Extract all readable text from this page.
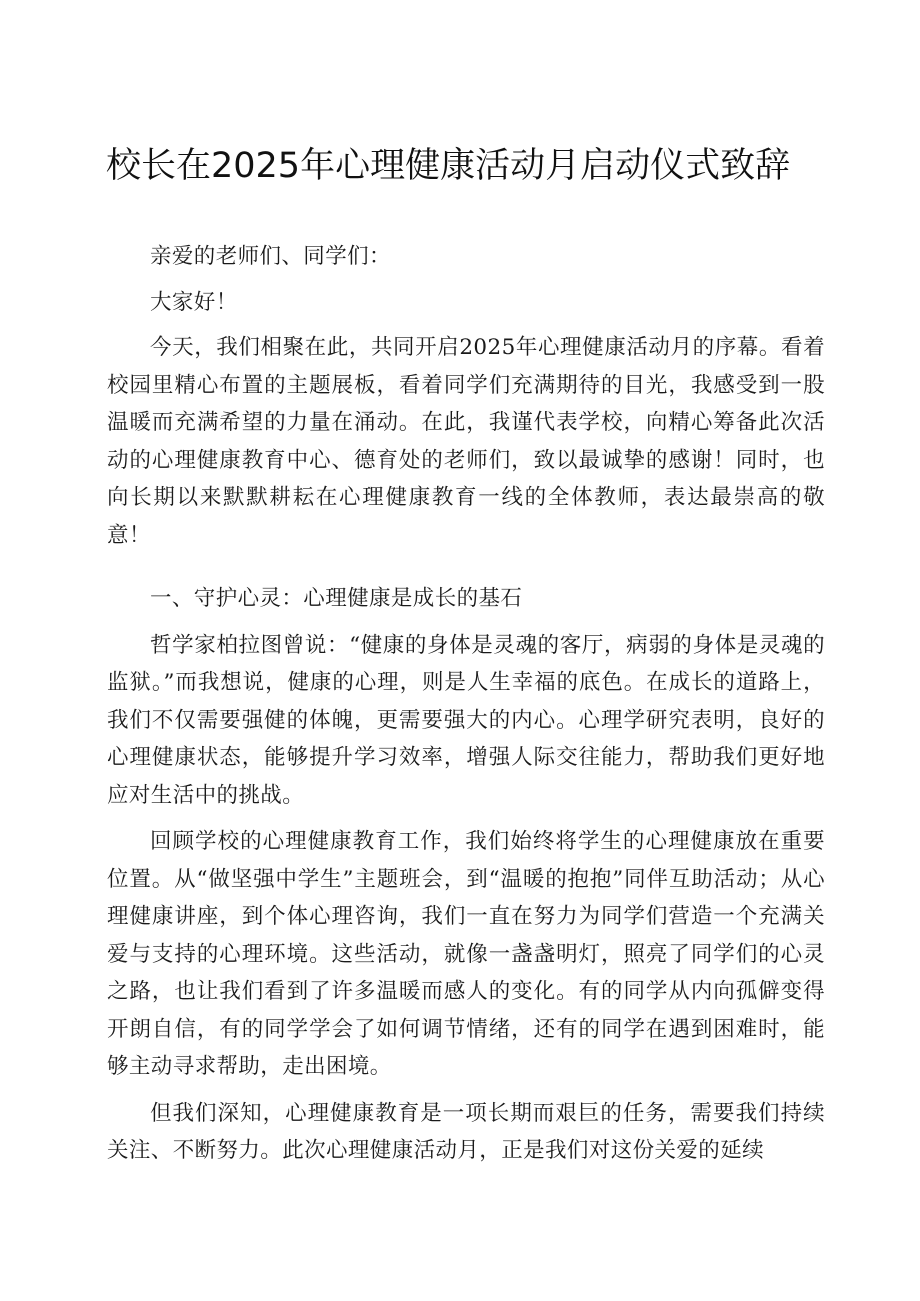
校长在2025年心理健康活动月启动仪式致辞

亲爱的老师们、同学们：

大家好！

今天，我们相聚在此，共同开启2025年心理健康活动月的序幕。看着校园里精心布置的主题展板，看着同学们充满期待的目光，我感受到一股温暖而充满希望的力量在涌动。在此，我谨代表学校，向精心筹备此次活动的心理健康教育中心、德育处的老师们，致以最诚挚的感谢！同时，也向长期以来默默耕耘在心理健康教育一线的全体教师，表达最崇高的敬意！

一、守护心灵：心理健康是成长的基石

哲学家柏拉图曾说：“健康的身体是灵魂的客厅，病弱的身体是灵魂的监狱。”而我想说，健康的心理，则是人生幸福的底色。在成长的道路上，我们不仅需要强健的体魄，更需要强大的内心。心理学研究表明，良好的心理健康状态，能够提升学习效率，增强人际交往能力，帮助我们更好地应对生活中的挑战。

回顾学校的心理健康教育工作，我们始终将学生的心理健康放在重要位置。从“做坚强中学生”主题班会，到“温暖的抱抱”同伴互助活动；从心理健康讲座，到个体心理咨询，我们一直在努力为同学们营造一个充满关爱与支持的心理环境。这些活动，就像一盏盏明灯，照亮了同学们的心灵之路，也让我们看到了许多温暖而感人的变化。有的同学从内向孤僻变得开朗自信，有的同学学会了如何调节情绪，还有的同学在遇到困难时，能够主动寻求帮助，走出困境。

但我们深知，心理健康教育是一项长期而艰巨的任务，需要我们持续关注、不断努力。此次心理健康活动月，正是我们对这份关爱的延续
